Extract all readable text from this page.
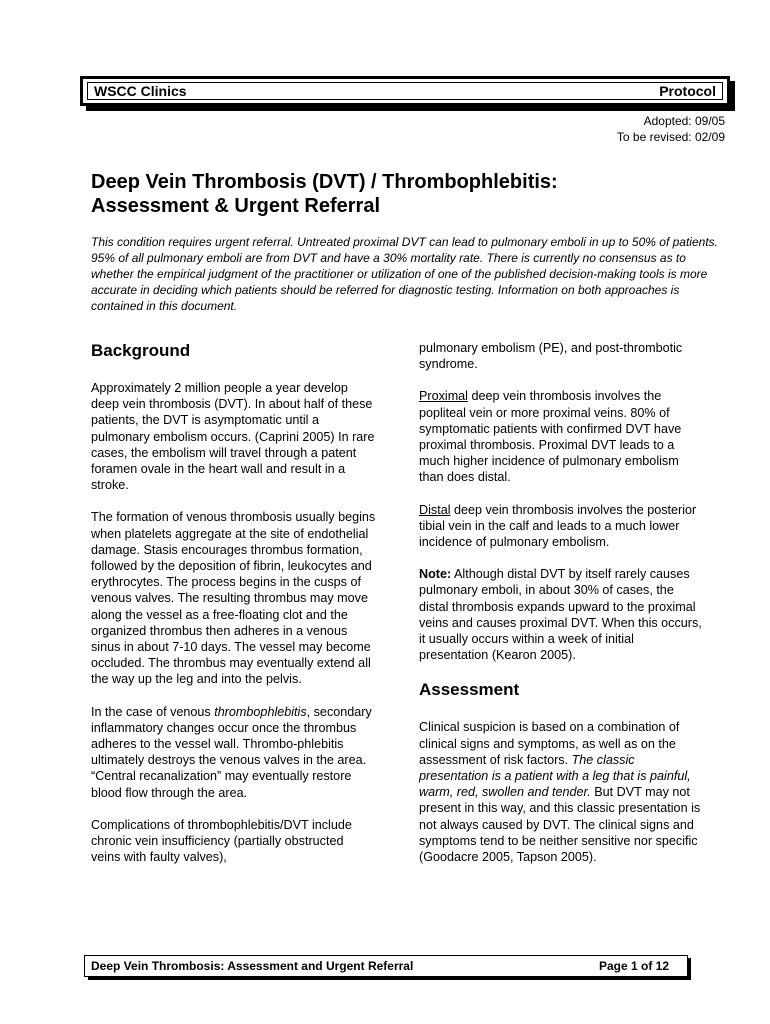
WSCC Clinics	Protocol
Adopted: 09/05
To be revised: 02/09
Deep Vein Thrombosis (DVT) / Thrombophlebitis:
Assessment & Urgent Referral

This condition requires urgent referral. Untreated proximal DVT can lead to pulmonary emboli in up to 50% of patients. 95% of all pulmonary emboli are from DVT and have a 30% mortality rate. There is currently no consensus as to whether the empirical judgment of the practitioner or utilization of one of the published decision-making tools is more accurate in deciding which patients should be referred for diagnostic testing. Information on both approaches is contained in this document.

Background

Approximately 2 million people a year develop deep vein thrombosis (DVT). In about half of these patients, the DVT is asymptomatic until a pulmonary embolism occurs. (Caprini 2005) In rare cases, the embolism will travel through a patent foramen ovale in the heart wall and result in a stroke.

The formation of venous thrombosis usually begins when platelets aggregate at the site of endothelial damage. Stasis encourages thrombus formation, followed by the deposition of fibrin, leukocytes and erythrocytes. The process begins in the cusps of venous valves. The resulting thrombus may move along the vessel as a free-floating clot and the organized thrombus then adheres in a venous sinus in about 7-10 days. The vessel may become occluded. The thrombus may eventually extend all the way up the leg and into the pelvis.

In the case of venous thrombophlebitis, secondary inflammatory changes occur once the thrombus adheres to the vessel wall. Thrombo-phlebitis ultimately destroys the venous valves in the area. “Central recanalization” may eventually restore blood flow through the area.

Complications of thrombophlebitis/DVT include chronic vein insufficiency (partially obstructed veins with faulty valves),

pulmonary embolism (PE), and post-thrombotic syndrome.

Proximal deep vein thrombosis involves the popliteal vein or more proximal veins. 80% of symptomatic patients with confirmed DVT have proximal thrombosis. Proximal DVT leads to a much higher incidence of pulmonary embolism than does distal.

Distal deep vein thrombosis involves the posterior tibial vein in the calf and leads to a much lower incidence of pulmonary embolism.

Note: Although distal DVT by itself rarely causes pulmonary emboli, in about 30% of cases, the distal thrombosis expands upward to the proximal veins and causes proximal DVT. When this occurs, it usually occurs within a week of initial presentation (Kearon 2005).

Assessment

Clinical suspicion is based on a combination of clinical signs and symptoms, as well as on the assessment of risk factors. The classic presentation is a patient with a leg that is painful, warm, red, swollen and tender. But DVT may not present in this way, and this classic presentation is not always caused by DVT. The clinical signs and symptoms tend to be neither sensitive nor specific (Goodacre 2005, Tapson 2005).

Deep Vein Thrombosis: Assessment and Urgent Referral	Page 1 of 12
